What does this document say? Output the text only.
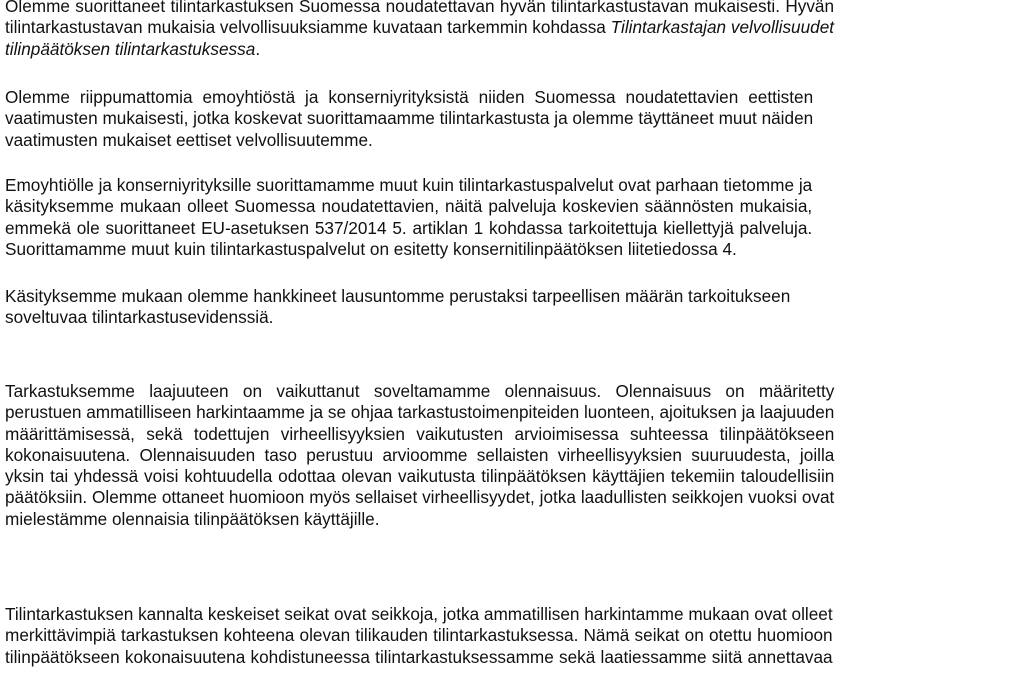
Olemme suorittaneet tilintarkastuksen Suomessa noudatettavan hyvän tilintarkastustavan mukaisesti. Hyvän
tilintarkastustavan mukaisia velvollisuuksiamme kuvataan tarkemmin kohdassa Tilintarkastajan velvollisuudet
tilinpäätöksen tilintarkastuksessa.

Olemme riippumattomia emoyhtiöstä ja konserniyrityksistä niiden Suomessa noudatettavien eettisten
vaatimusten mukaisesti, jotka koskevat suorittamaamme tilintarkastusta ja olemme täyttäneet muut näiden
vaatimusten mukaiset eettiset velvollisuutemme.

Emoyhtiölle ja konserniyrityksille suorittamamme muut kuin tilintarkastuspalvelut ovat parhaan tietomme ja
käsityksemme mukaan olleet Suomessa noudatettavien, näitä palveluja koskevien säännösten mukaisia,
emmekä ole suorittaneet EU-asetuksen 537/2014 5. artiklan 1 kohdassa tarkoitettuja kiellettyjä palveluja.
Suorittamamme muut kuin tilintarkastuspalvelut on esitetty konsernitilinpäätöksen liitetiedossa 4.

Käsityksemme mukaan olemme hankkineet lausuntomme perustaksi tarpeellisen määrän tarkoitukseen
soveltuvaa tilintarkastusevidenssiä.

Tarkastuksemme laajuuteen on vaikuttanut soveltamamme olennaisuus. Olennaisuus on määritetty
perustuen ammatilliseen harkintaamme ja se ohjaa tarkastustoimenpiteiden luonteen, ajoituksen ja laajuuden
määrittämisessä, sekä todettujen virheellisyyksien vaikutusten arvioimisessa suhteessa tilinpäätökseen
kokonaisuutena. Olennaisuuden taso perustuu arvioomme sellaisten virheellisyyksien suuruudesta, joilla
yksin tai yhdessä voisi kohtuudella odottaa olevan vaikutusta tilinpäätöksen käyttäjien tekemiin taloudellisiin
päätöksiin. Olemme ottaneet huomioon myös sellaiset virheellisyydet, jotka laadullisten seikkojen vuoksi ovat
mielestämme olennaisia tilinpäätöksen käyttäjille.

Tilintarkastuksen kannalta keskeiset seikat ovat seikkoja, jotka ammatillisen harkintamme mukaan ovat olleet
merkittävimpiä tarkastuksen kohteena olevan tilikauden tilintarkastuksessa. Nämä seikat on otettu huomioon
tilinpäätökseen kokonaisuutena kohdistuneessa tilintarkastuksessamme sekä laatiessamme siitä annettavaa
